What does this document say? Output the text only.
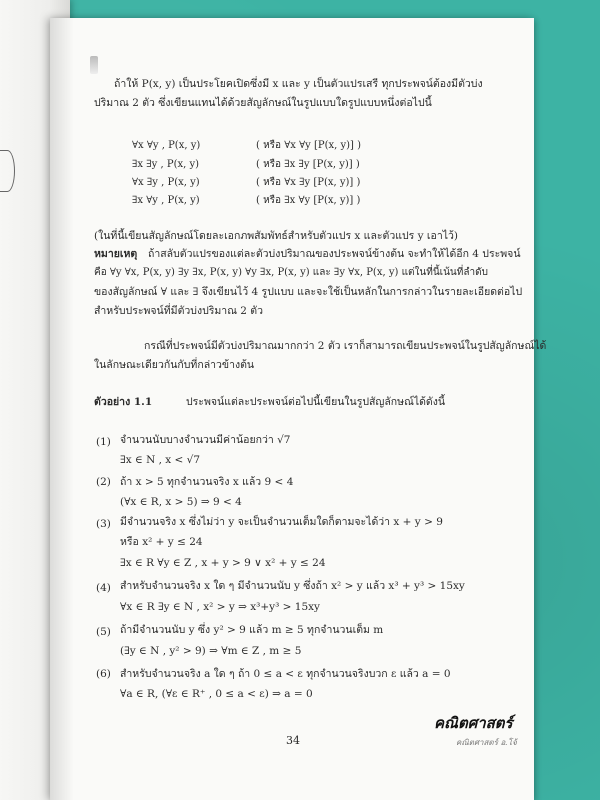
ถ้าให้ P(x, y) เป็นประโยคเปิดซึ่งมี x และ y เป็นตัวแปรเสรี ทุกประพจน์ต้องมีตัวบ่ง
ปริมาณ 2 ตัว ซึ่งเขียนแทนได้ด้วยสัญลักษณ์ในรูปแบบใดรูปแบบหนึ่งต่อไปนี้
∀x ∀y , P(x, y)	( หรือ ∀x ∀y [P(x, y)] )
∃x ∃y , P(x, y)	( หรือ ∃x ∃y [P(x, y)] )
∀x ∃y , P(x, y)	( หรือ ∀x ∃y [P(x, y)] )
∃x ∀y , P(x, y)	( หรือ ∃x ∀y [P(x, y)] )
(ในที่นี้เขียนสัญลักษณ์โดยละเอกภพสัมพัทธ์สำหรับตัวแปร x และตัวแปร y เอาไว้)
หมายเหตุ ถ้าสลับตัวแปรของแต่ละตัวบ่งปริมาณของประพจน์ข้างต้น จะทำให้ได้อีก 4 ประพจน์
คือ ∀y ∀x, P(x, y) ∃y ∃x, P(x, y) ∀y ∃x, P(x, y) และ ∃y ∀x, P(x, y) แต่ในที่นี้เน้นที่ลำดับ
ของสัญลักษณ์ ∀ และ ∃ จึงเขียนไว้ 4 รูปแบบ และจะใช้เป็นหลักในการกล่าวในรายละเอียดต่อไป
สำหรับประพจน์ที่มีตัวบ่งปริมาณ 2 ตัว
กรณีที่ประพจน์มีตัวบ่งปริมาณมากกว่า 2 ตัว เราก็สามารถเขียนประพจน์ในรูปสัญลักษณ์ได้
ในลักษณะเดียวกันกับที่กล่าวข้างต้น
ตัวอย่าง 1.1	ประพจน์แต่ละประพจน์ต่อไปนี้เขียนในรูปสัญลักษณ์ได้ดังนี้
(1) จำนวนนับบางจำนวนมีค่าน้อยกว่า √7
∃x ∈ N , x < √7
(2) ถ้า x > 5 ทุกจำนวนจริง x แล้ว 9 < 4
(∀x ∈ R, x > 5) ⇒ 9 < 4
(3) มีจำนวนจริง x ซึ่งไม่ว่า y จะเป็นจำนวนเต็มใดก็ตามจะได้ว่า x + y > 9
หรือ x² + y ≤ 24
∃x ∈ R ∀y ∈ Z , x + y > 9 ∨ x² + y ≤ 24
(4) สำหรับจำนวนจริง x ใด ๆ มีจำนวนนับ y ซึ่งถ้า x² > y แล้ว x³ + y³ > 15xy
∀x ∈ R ∃y ∈ N , x² > y ⇒ x³+y³ > 15xy
(5) ถ้ามีจำนวนนับ y ซึ่ง y² > 9 แล้ว m ≥ 5 ทุกจำนวนเต็ม m
(∃y ∈ N , y² > 9) ⇒ ∀m ∈ Z , m ≥ 5
(6) สำหรับจำนวนจริง a ใด ๆ ถ้า 0 ≤ a < ε ทุกจำนวนจริงบวก ε แล้ว a = 0
∀a ∈ R, (∀ε ∈ R⁺ , 0 ≤ a < ε) ⇒ a = 0
34
คณิตศาสตร์
คณิตศาสตร์ อ.โจ้
